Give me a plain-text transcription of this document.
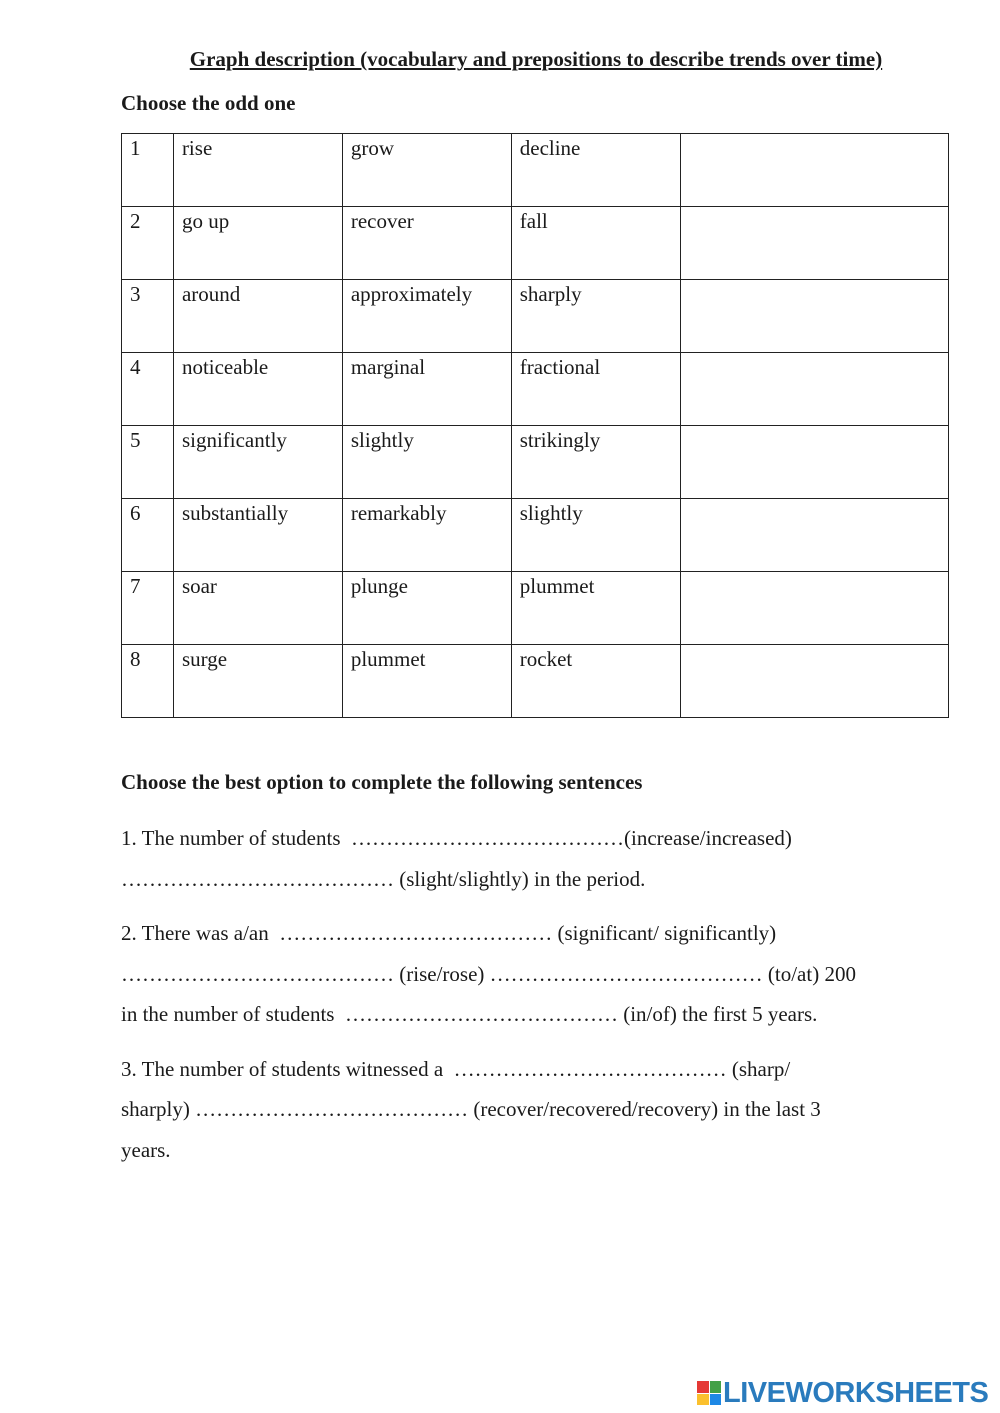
Graph description (vocabulary and prepositions to describe trends over time)
Choose the odd one
1	rise	grow	decline	
2	go up	recover	fall	
3	around	approximately	sharply	
4	noticeable	marginal	fractional	
5	significantly	slightly	strikingly	
6	substantially	remarkably	slightly	
7	soar	plunge	plummet	
8	surge	plummet	rocket	
Choose the best option to complete the following sentences

1. The number of students …………………………………(increase/increased)
………………………………… (slight/slightly) in the period.

2. There was a/an ………………………………… (significant/ significantly)
………………………………… (rise/rose) ………………………………… (to/at) 200
in the number of students ………………………………… (in/of) the first 5 years.

3. The number of students witnessed a ………………………………… (sharp/
sharply) ………………………………… (recover/recovered/recovery) in the last 3
years.

LIVEWORKSHEETS
